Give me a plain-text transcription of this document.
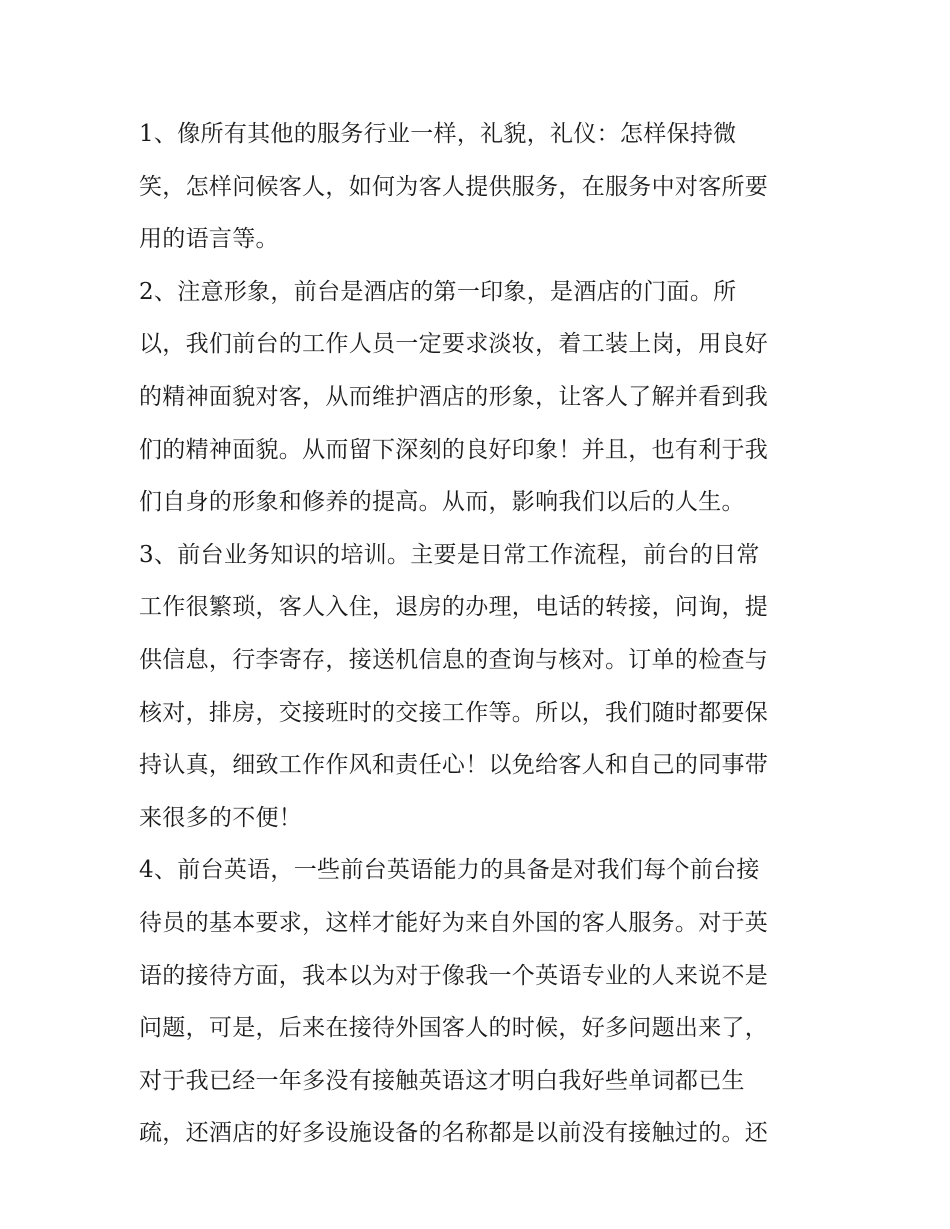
1、像所有其他的服务行业一样，礼貌，礼仪：怎样保持微
笑，怎样问候客人，如何为客人提供服务，在服务中对客所要
用的语言等。
2、注意形象，前台是酒店的第一印象，是酒店的门面。所
以，我们前台的工作人员一定要求淡妆，着工装上岗，用良好
的精神面貌对客，从而维护酒店的形象，让客人了解并看到我
们的精神面貌。从而留下深刻的良好印象！并且，也有利于我
们自身的形象和修养的提高。从而，影响我们以后的人生。
3、前台业务知识的培训。主要是日常工作流程，前台的日常
工作很繁琐，客人入住，退房的办理，电话的转接，问询，提
供信息，行李寄存，接送机信息的查询与核对。订单的检查与
核对，排房，交接班时的交接工作等。所以，我们随时都要保
持认真，细致工作作风和责任心！以免给客人和自己的同事带
来很多的不便！
4、前台英语，一些前台英语能力的具备是对我们每个前台接
待员的基本要求，这样才能好为来自外国的客人服务。对于英
语的接待方面，我本以为对于像我一个英语专业的人来说不是
问题，可是，后来在接待外国客人的时候，好多问题出来了，
对于我已经一年多没有接触英语这才明白我好些单词都已生
疏，还酒店的好多设施设备的名称都是以前没有接触过的。还
